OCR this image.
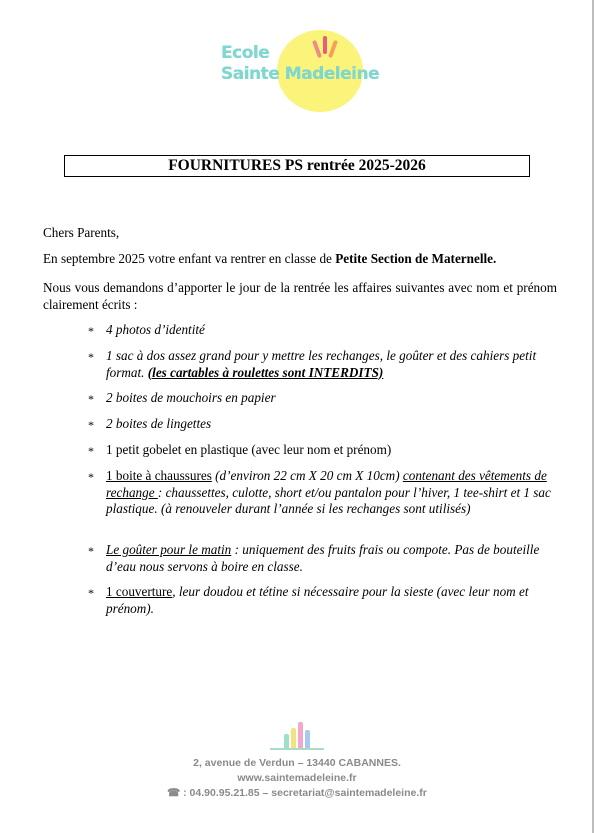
Ecole
Sainte Madeleine
FOURNITURES PS rentrée 2025-2026
Chers Parents,
En septembre 2025 votre enfant va rentrer en classe de Petite Section de Maternelle.
Nous vous demandons d’apporter le jour de la rentrée les affaires suivantes avec nom et prénom clairement écrits :
* 4 photos d’identité
* 1 sac à dos assez grand pour y mettre les rechanges, le goûter et des cahiers petit format. (les cartables à roulettes sont INTERDITS)
* 2 boites de mouchoirs en papier
* 2 boites de lingettes
* 1 petit gobelet en plastique (avec leur nom et prénom)
* 1 boite à chaussures (d’environ 22 cm X 20 cm X 10cm) contenant des vêtements de rechange : chaussettes, culotte, short et/ou pantalon pour l’hiver, 1 tee-shirt et 1 sac plastique. (à renouveler durant l’année si les rechanges sont utilisés)
* Le goûter pour le matin : uniquement des fruits frais ou compote. Pas de bouteille d’eau nous servons à boire en classe.
* 1 couverture, leur doudou et tétine si nécessaire pour la sieste (avec leur nom et prénom).
2, avenue de Verdun – 13440 CABANNES.
www.saintemadeleine.fr
☎ : 04.90.95.21.85 – secretariat@saintemadeleine.fr
